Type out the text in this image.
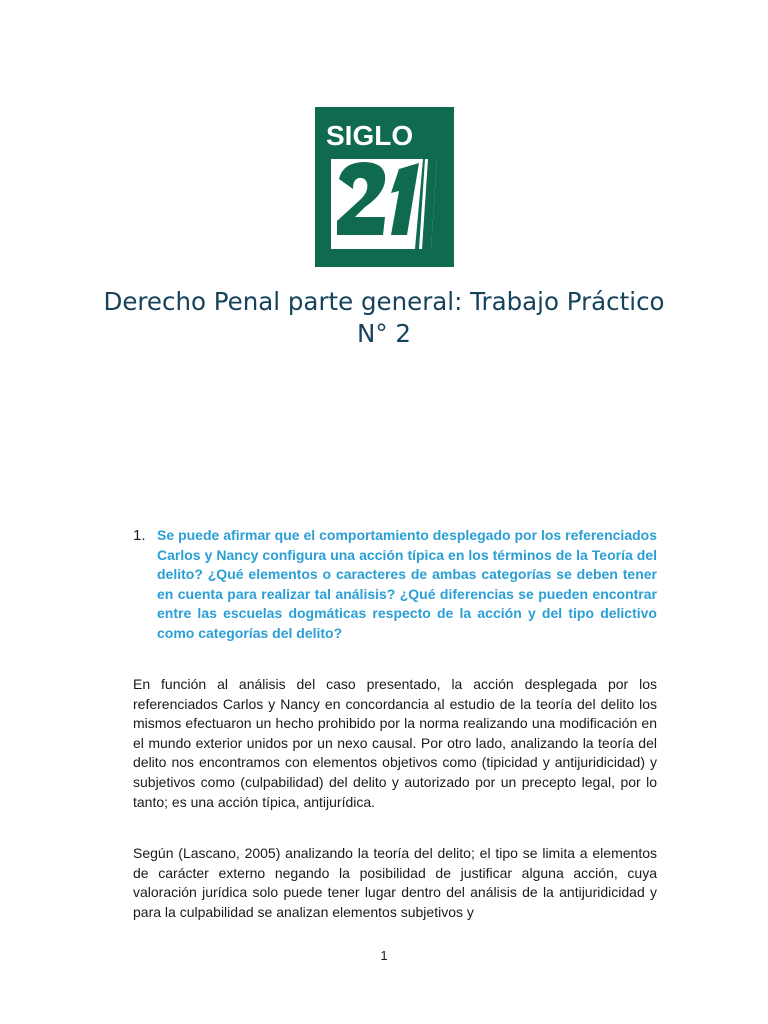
SIGLO
Derecho Penal parte general: Trabajo Práctico N° 2
1. Se puede afirmar que el comportamiento desplegado por los referenciados Carlos y Nancy configura una acción típica en los términos de la Teoría del delito? ¿Qué elementos o caracteres de ambas categorías se deben tener en cuenta para realizar tal análisis? ¿Qué diferencias se pueden encontrar entre las escuelas dogmáticas respecto de la acción y del tipo delictivo como categorías del delito?

En función al análisis del caso presentado, la acción desplegada por los referenciados Carlos y Nancy en concordancia al estudio de la teoría del delito los mismos efectuaron un hecho prohibido por la norma realizando una modificación en el mundo exterior unidos por un nexo causal. Por otro lado, analizando la teoría del delito nos encontramos con elementos objetivos como (tipicidad y antijuridicidad) y subjetivos como (culpabilidad) del delito y autorizado por un precepto legal, por lo tanto; es una acción típica, antijurídica.

Según (Lascano, 2005) analizando la teoría del delito; el tipo se limita a elementos de carácter externo negando la posibilidad de justificar alguna acción, cuya valoración jurídica solo puede tener lugar dentro del análisis de la antijuridicidad y para la culpabilidad se analizan elementos subjetivos y

1
